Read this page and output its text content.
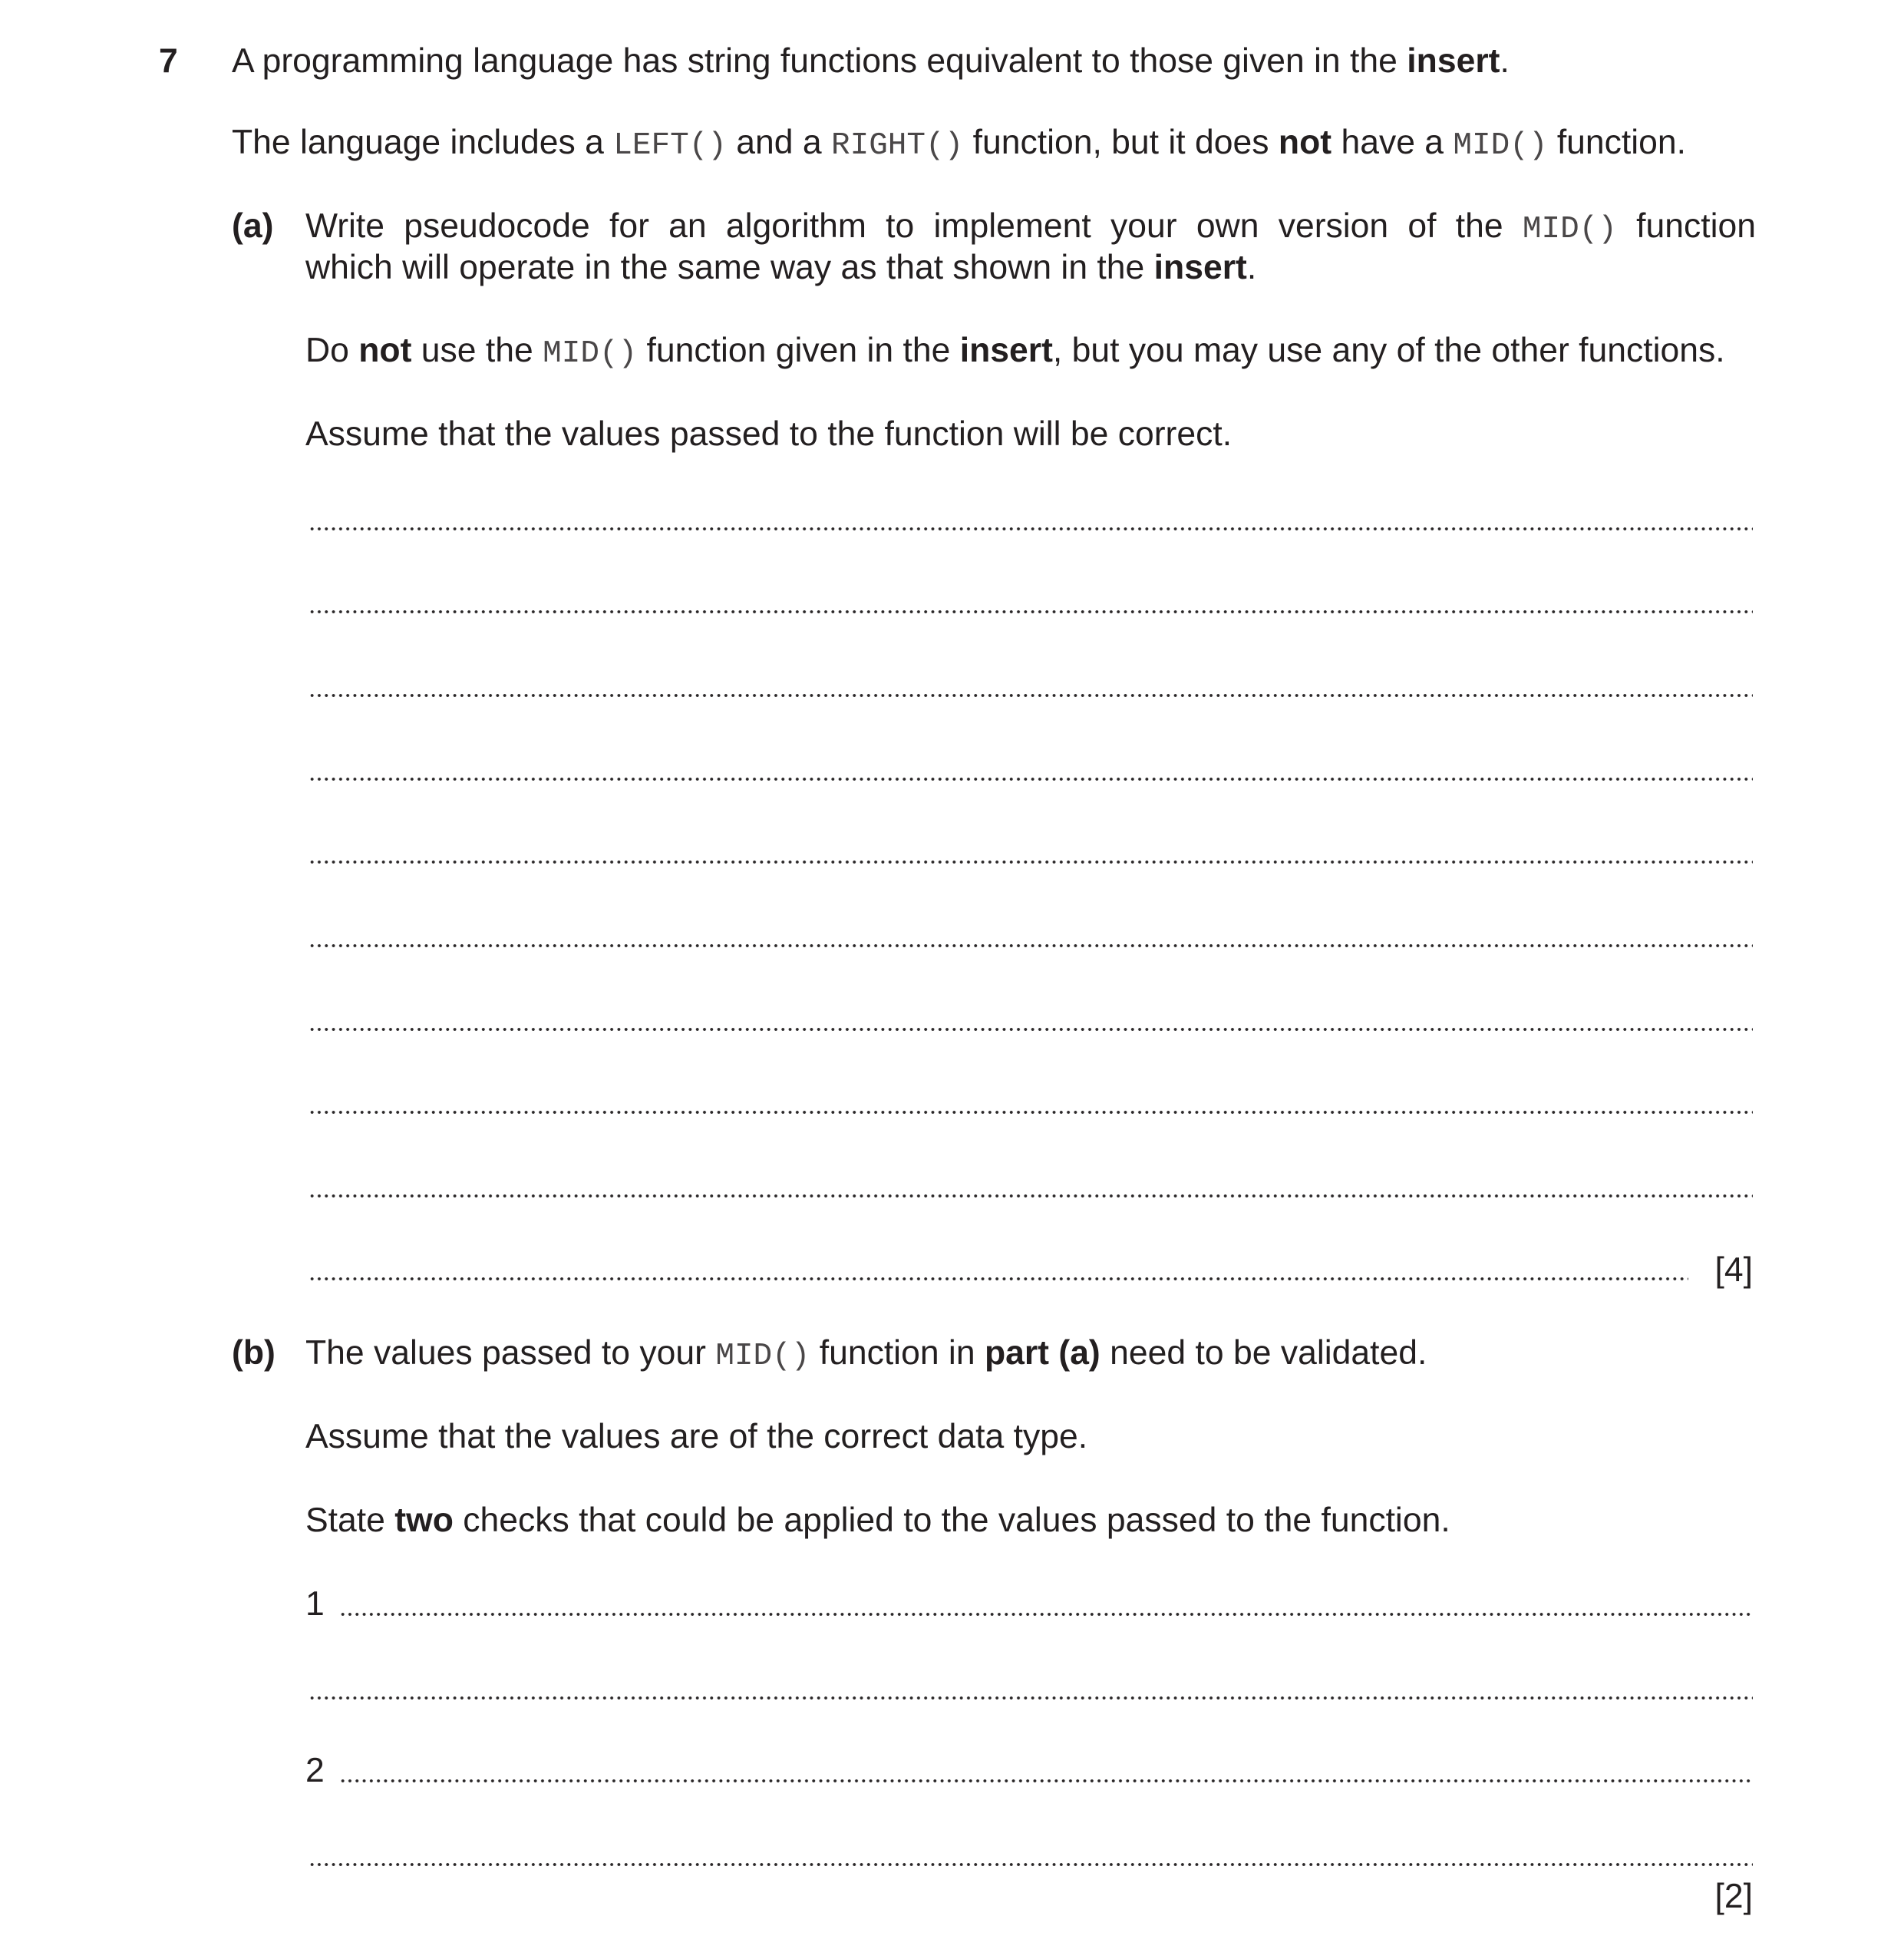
7 A programming language has string functions equivalent to those given in the insert.
The language includes a LEFT() and a RIGHT() function, but it does not have a MID() function.
(a) Write pseudocode for an algorithm to implement your own version of the MID() function
which will operate in the same way as that shown in the insert.
Do not use the MID() function given in the insert, but you may use any of the other functions.
Assume that the values passed to the function will be correct.
[4]
(b) The values passed to your MID() function in part (a) need to be validated.
Assume that the values are of the correct data type.
State two checks that could be applied to the values passed to the function.
1
2
[2]
